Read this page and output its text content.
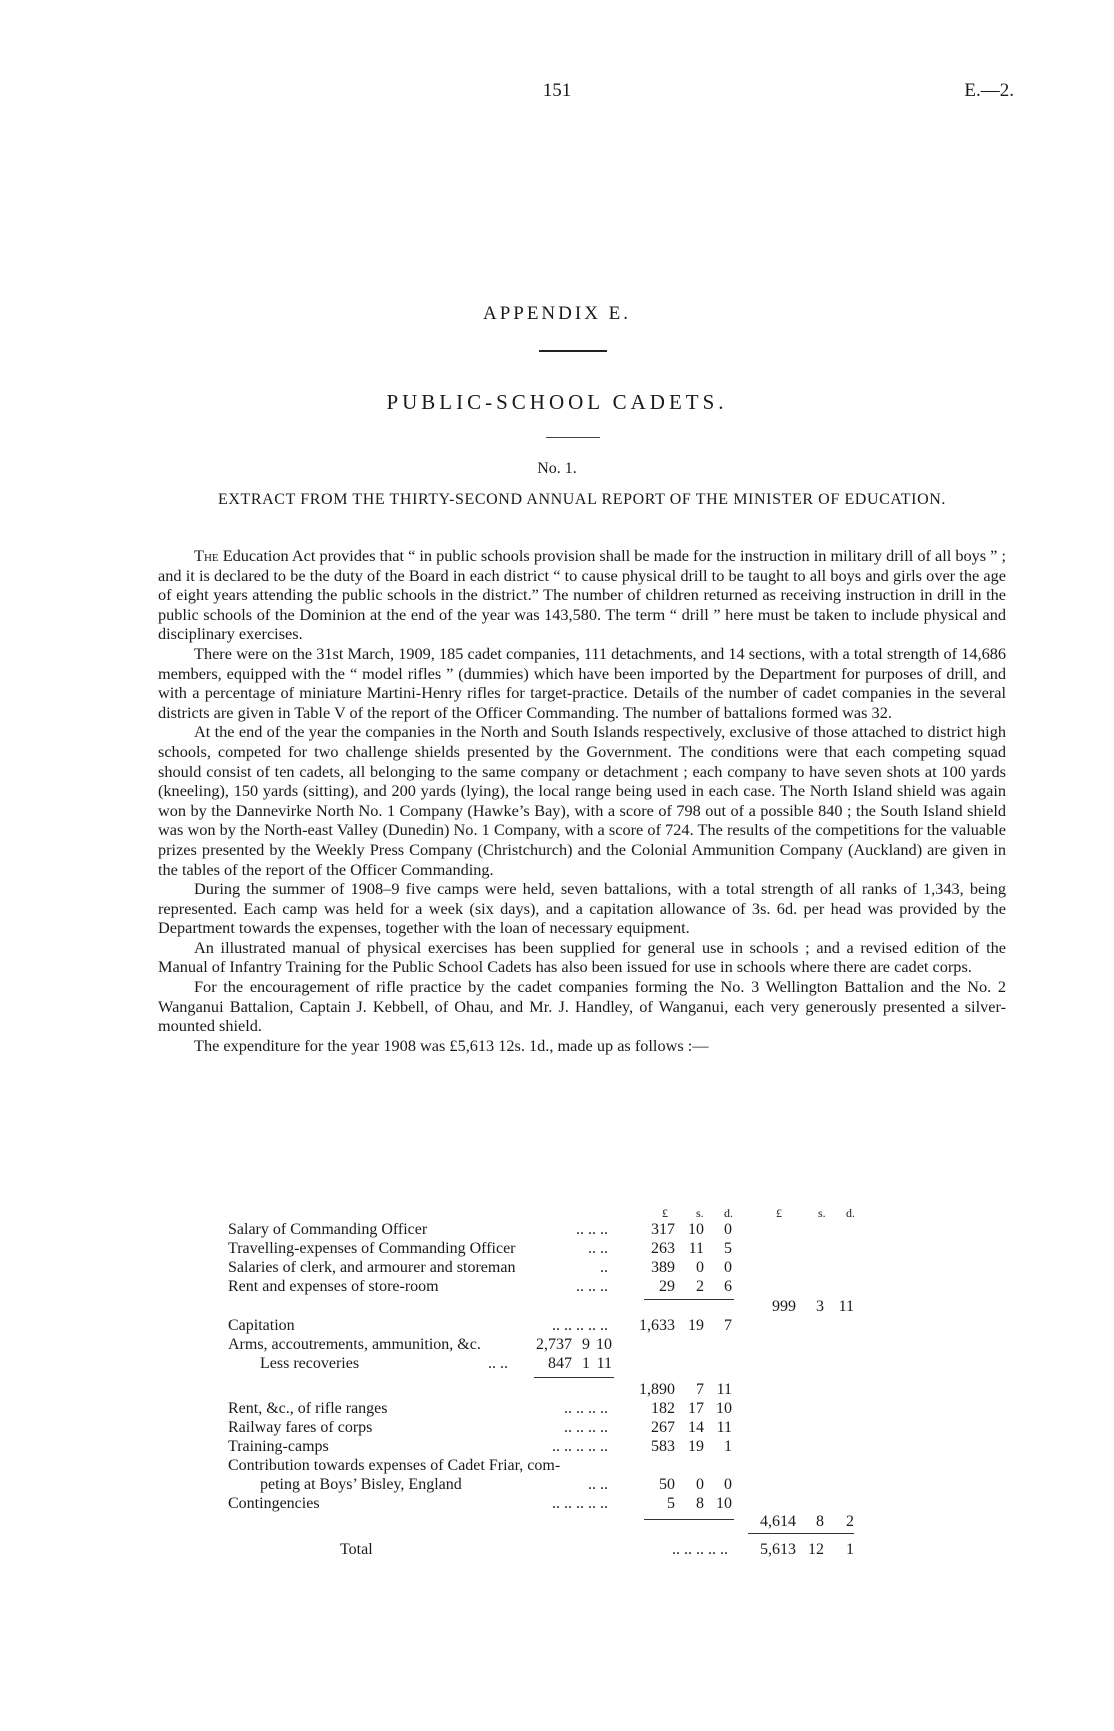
151	E.—2.
APPENDIX E.
PUBLIC-SCHOOL CADETS.
No. 1.
EXTRACT FROM THE THIRTY-SECOND ANNUAL REPORT OF THE MINISTER OF EDUCATION.

The Education Act provides that “ in public schools provision shall be made for the instruction in military drill of all boys ” ; and it is declared to be the duty of the Board in each district “ to cause physical drill to be taught to all boys and girls over the age of eight years attending the public schools in the district.” The number of children returned as receiving instruction in drill in the public schools of the Dominion at the end of the year was 143,580. The term “ drill ” here must be taken to include physical and disciplinary exercises.

There were on the 31st March, 1909, 185 cadet companies, 111 detachments, and 14 sections, with a total strength of 14,686 members, equipped with the “ model rifles ” (dummies) which have been imported by the Department for purposes of drill, and with a percentage of miniature Martini-Henry rifles for target-practice. Details of the number of cadet companies in the several districts are given in Table V of the report of the Officer Commanding. The number of battalions formed was 32.

At the end of the year the companies in the North and South Islands respectively, exclusive of those attached to district high schools, competed for two challenge shields presented by the Government. The conditions were that each competing squad should consist of ten cadets, all belonging to the same company or detachment ; each company to have seven shots at 100 yards (kneeling), 150 yards (sitting), and 200 yards (lying), the local range being used in each case. The North Island shield was again won by the Dannevirke North No. 1 Company (Hawke’s Bay), with a score of 798 out of a possible 840 ; the South Island shield was won by the North-east Valley (Dunedin) No. 1 Company, with a score of 724. The results of the competitions for the valuable prizes presented by the Weekly Press Company (Christchurch) and the Colonial Ammunition Company (Auckland) are given in the tables of the report of the Officer Commanding.

During the summer of 1908–9 five camps were held, seven battalions, with a total strength of all ranks of 1,343, being represented. Each camp was held for a week (six days), and a capitation allowance of 3s. 6d. per head was provided by the Department towards the expenses, together with the loan of necessary equipment.

An illustrated manual of physical exercises has been supplied for general use in schools ; and a revised edition of the Manual of Infantry Training for the Public School Cadets has also been issued for use in schools where there are cadet corps.

For the encouragement of rifle practice by the cadet companies forming the No. 3 Wellington Battalion and the No. 2 Wanganui Battalion, Captain J. Kebbell, of Ohau, and Mr. J. Handley, of Wanganui, each very generously presented a silver-mounted shield.

The expenditure for the year 1908 was £5,613 12s. 1d., made up as follows :—

£ s. d.	£	s. d.
Salary of Commanding Officer	.. .. ..	317 10	0
Travelling-expenses of Commanding Officer	.. ..	263 11	5
Salaries of clerk, and armourer and storeman	..	389	0	0
Rent and expenses of store-room	.. .. ..	29	2	6
999	3 11
Capitation	.. .. .. .. ..	1,633 19	7
Arms, accoutrements, ammunition, &c.	2,737 9 10
Less recoveries	.. ..	847 1 11
1,890	7 11
Rent, &c., of rifle ranges	.. .. .. ..	182 17 10
Railway fares of corps	.. .. .. ..	267 14 11
Training-camps	.. .. .. .. ..	583 19	1
Contribution towards expenses of Cadet Friar, com-
peting at Boys’ Bisley, England	.. ..	50	0	0
Contingencies	.. .. .. .. ..	5	8 10
4,614	8	2
Total	.. .. .. .. ..	5,613 12	1
